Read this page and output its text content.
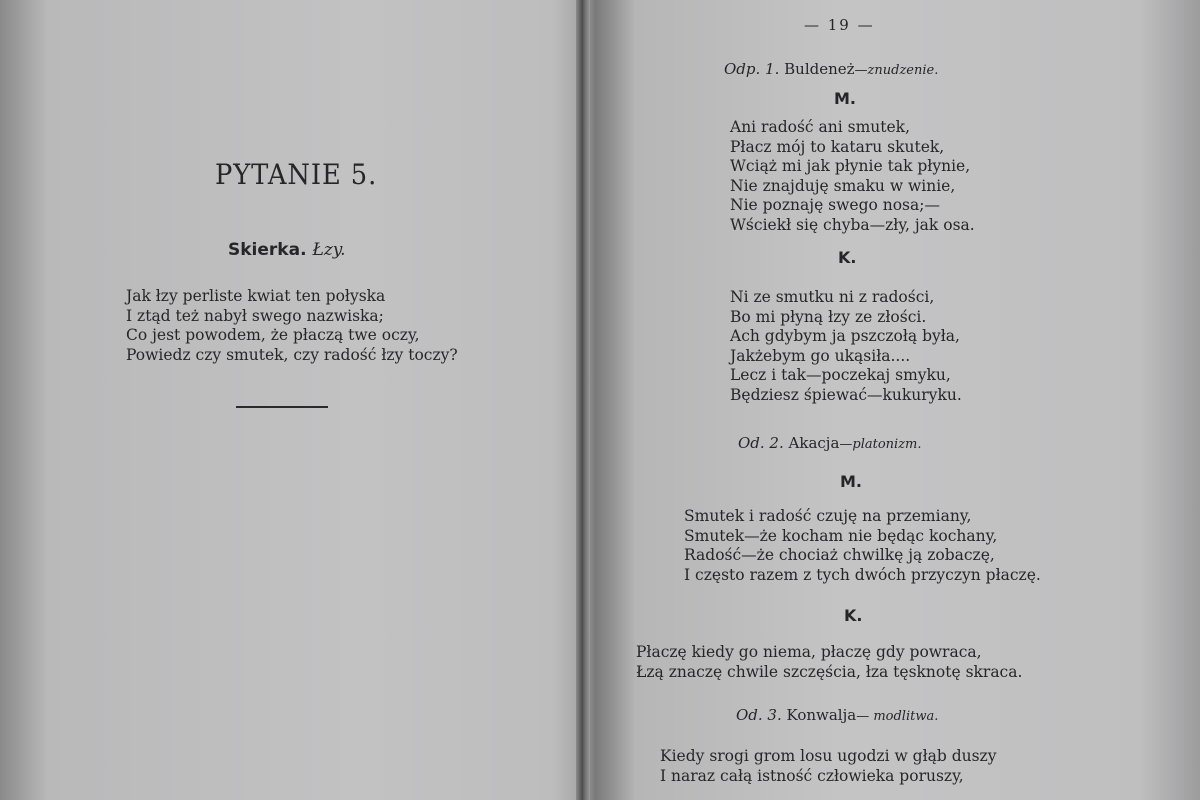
PYTANIE 5.
Skierka. Łzy.
Jak łzy perliste kwiat ten połyska
I ztąd też nabył swego nazwiska;
Co jest powodem, że płaczą twe oczy,
Powiedz czy smutek, czy radość łzy toczy?
— 19 —
Odp. 1. Buldeneż—znudzenie.
M.
Ani radość ani smutek,
Płacz mój to kataru skutek,
Wciąż mi jak płynie tak płynie,
Nie znajduję smaku w winie,
Nie poznaję swego nosa;—
Wściekł się chyba—zły, jak osa.
K.
Ni ze smutku ni z radości,
Bo mi płyną łzy ze złości.
Ach gdybym ja pszczołą była,
Jakżebym go ukąsiła....
Lecz i tak—poczekaj smyku,
Będziesz śpiewać—kukuryku.
Od. 2. Akacja—platonizm.
M.
Smutek i radość czuję na przemiany,
Smutek—że kocham nie będąc kochany,
Radość—że chociaż chwilkę ją zobaczę,
I często razem z tych dwóch przyczyn płaczę.
K.
Płaczę kiedy go niema, płaczę gdy powraca,
Łzą znaczę chwile szczęścia, łza tęsknotę skraca.
Od. 3. Konwalja— modlitwa.
Kiedy srogi grom losu ugodzi w głąb duszy
I naraz całą istność człowieka poruszy,
